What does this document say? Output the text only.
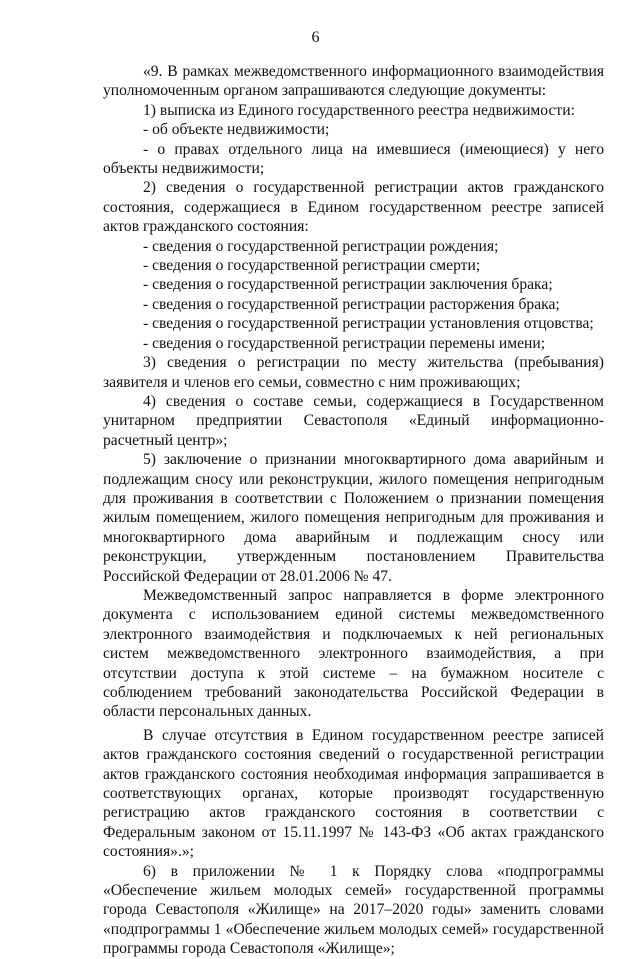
6

«9. В рамках межведомственного информационного взаимодействия уполномоченным органом запрашиваются следующие документы:

1) выписка из Единого государственного реестра недвижимости:

- об объекте недвижимости;

- о правах отдельного лица на имевшиеся (имеющиеся) у него объекты недвижимости;

2) сведения о государственной регистрации актов гражданского состояния, содержащиеся в Едином государственном реестре записей актов гражданского состояния:

- сведения о государственной регистрации рождения;

- сведения о государственной регистрации смерти;

- сведения о государственной регистрации заключения брака;

- сведения о государственной регистрации расторжения брака;

- сведения о государственной регистрации установления отцовства;

- сведения о государственной регистрации перемены имени;

3) сведения о регистрации по месту жительства (пребывания) заявителя и членов его семьи, совместно с ним проживающих;

4) сведения о составе семьи, содержащиеся в Государственном унитарном предприятии Севастополя «Единый информационно-расчетный центр»;

5) заключение о признании многоквартирного дома аварийным и подлежащим сносу или реконструкции, жилого помещения непригодным для проживания в соответствии с Положением о признании помещения жилым помещением, жилого помещения непригодным для проживания и многоквартирного дома аварийным и подлежащим сносу или реконструкции, утвержденным постановлением Правительства Российской Федерации от 28.01.2006 № 47.

Межведомственный запрос направляется в форме электронного документа с использованием единой системы межведомственного электронного взаимодействия и подключаемых к ней региональных систем межведомственного электронного взаимодействия, а при отсутствии доступа к этой системе – на бумажном носителе с соблюдением требований законодательства Российской Федерации в области персональных данных.

В случае отсутствия в Едином государственном реестре записей актов гражданского состояния сведений о государственной регистрации актов гражданского состояния необходимая информация запрашивается в соответствующих органах, которые производят государственную регистрацию актов гражданского состояния в соответствии с Федеральным законом от 15.11.1997 № 143-ФЗ «Об актах гражданского состояния».»;

6) в приложении № 1 к Порядку слова «подпрограммы «Обеспечение жильем молодых семей» государственной программы города Севастополя «Жилище» на 2017–2020 годы» заменить словами «подпрограммы 1 «Обеспечение жильем молодых семей» государственной программы города Севастополя «Жилище»;
